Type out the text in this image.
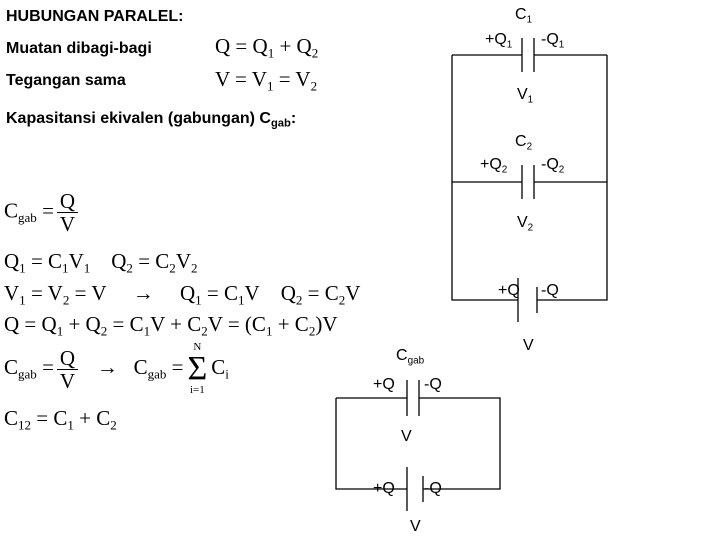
HUBUNGAN PARALEL:
Muatan dibagi-bagi
Tegangan sama
Kapasitansi ekivalen (gabungan) $C_{gab}$:
$Q = Q_1 + Q_2$
$V = V_1 = V_2$
$C_{gab} = \frac{Q}{V}$
$Q_1 = C_1V_1$ $Q_2 = C_2V_2$
$V_1 = V_2 = V \to Q_1 = C_1V$ $Q_2 = C_2V$
$Q = Q_1 + Q_2 = C_1V + C_2V = (C_1 + C_2)V$
$C_{gab} = \frac{Q}{V} \to C_{gab}$ =
N
Σ
i=1
$C_i$
$C_{12} = C_1 + C_2$
$C_1$
$+Q_1$ $-Q_1$
$V_1$
$C_2$
$+Q_2$ $-Q_2$
$V_2$
+Q -Q
V
$C_{gab}$
+Q -Q
V
+Q -Q
V
